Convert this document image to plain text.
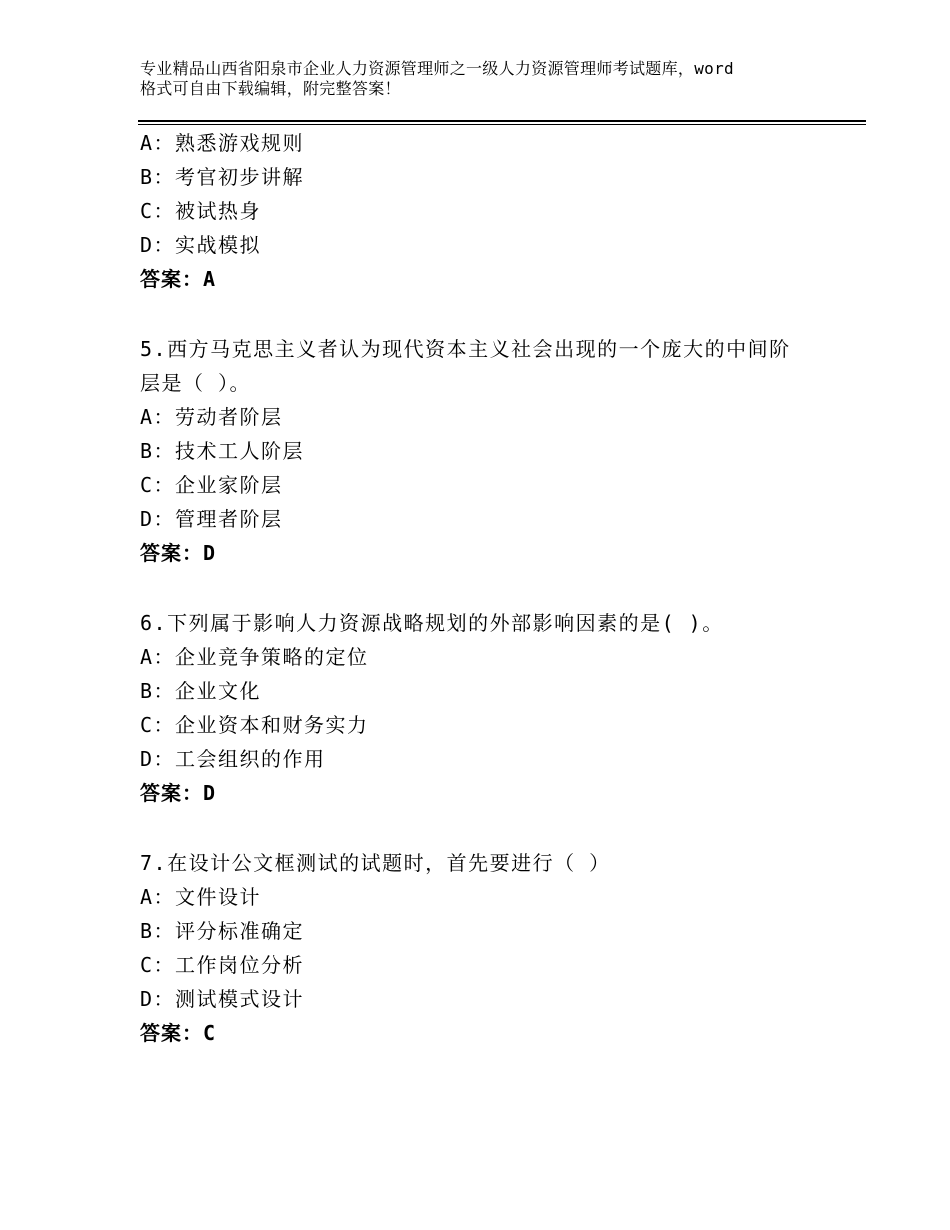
专业精品山西省阳泉市企业人力资源管理师之一级人力资源管理师考试题库，word
格式可自由下载编辑，附完整答案！
A：熟悉游戏规则
B：考官初步讲解
C：被试热身
D：实战模拟
答案：A
5.西方马克思主义者认为现代资本主义社会出现的一个庞大的中间阶
层是（ ）。
A：劳动者阶层
B：技术工人阶层
C：企业家阶层
D：管理者阶层
答案：D
6.下列属于影响人力资源战略规划的外部影响因素的是( )。
A：企业竞争策略的定位
B：企业文化
C：企业资本和财务实力
D：工会组织的作用
答案：D
7.在设计公文框测试的试题时，首先要进行（ ）
A：文件设计
B：评分标准确定
C：工作岗位分析
D：测试模式设计
答案：C
